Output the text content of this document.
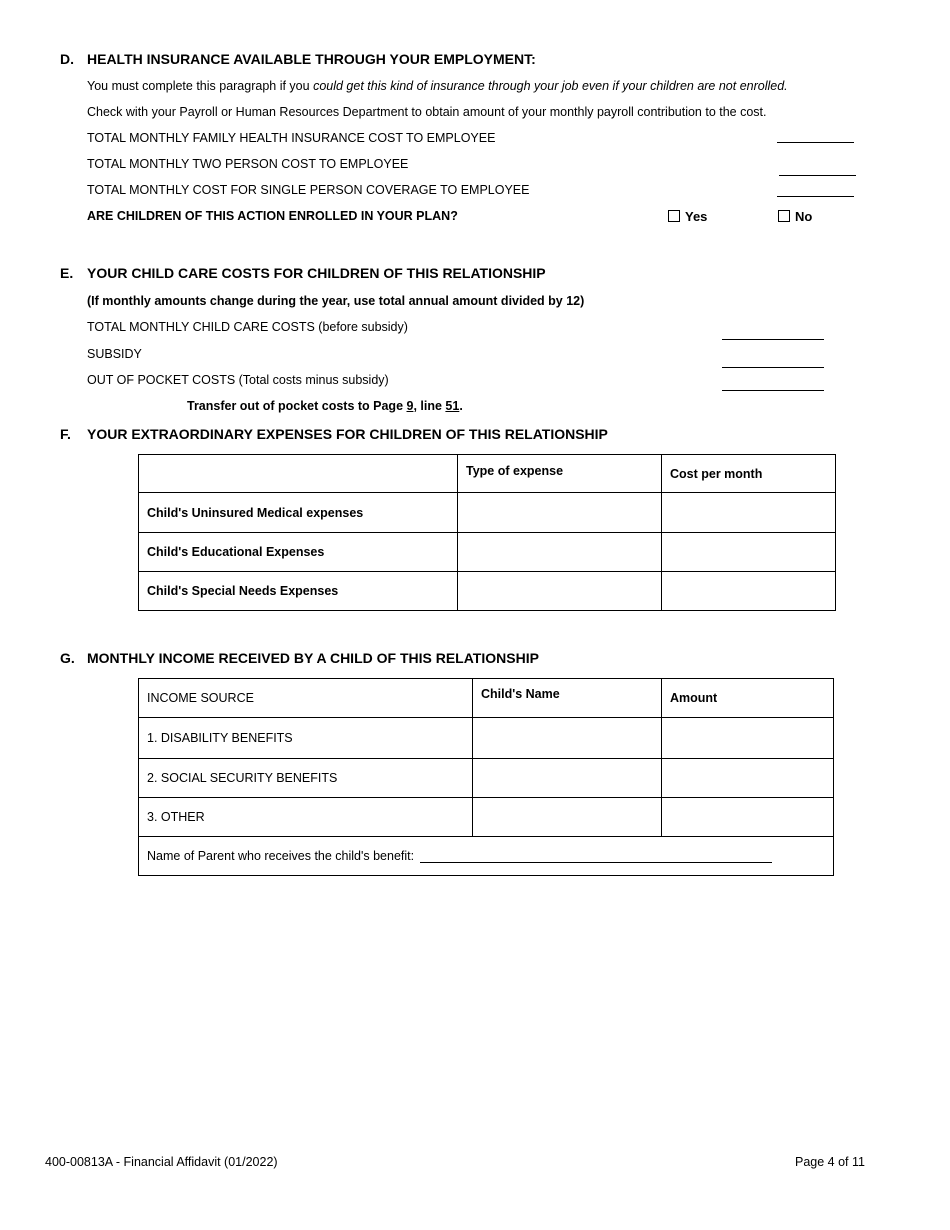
D. HEALTH INSURANCE AVAILABLE THROUGH YOUR EMPLOYMENT:
You must complete this paragraph if you could get this kind of insurance through your job even if your children are not enrolled.
Check with your Payroll or Human Resources Department to obtain amount of your monthly payroll contribution to the cost.
TOTAL MONTHLY FAMILY HEALTH INSURANCE COST TO EMPLOYEE
TOTAL MONTHLY TWO PERSON COST TO EMPLOYEE
TOTAL MONTHLY COST FOR SINGLE PERSON COVERAGE TO EMPLOYEE
ARE CHILDREN OF THIS ACTION ENROLLED IN YOUR PLAN?	Yes	No
E. YOUR CHILD CARE COSTS FOR CHILDREN OF THIS RELATIONSHIP
(If monthly amounts change during the year, use total annual amount divided by 12)
TOTAL MONTHLY CHILD CARE COSTS (before subsidy)
SUBSIDY
OUT OF POCKET COSTS (Total costs minus subsidy)
Transfer out of pocket costs to Page 9, line 51.
F. YOUR EXTRAORDINARY EXPENSES FOR CHILDREN OF THIS RELATIONSHIP
	Type of expense	Cost per month
Child's Uninsured Medical expenses		
Child's Educational Expenses		
Child's Special Needs Expenses		
G. MONTHLY INCOME RECEIVED BY A CHILD OF THIS RELATIONSHIP
INCOME SOURCE	Child's Name	Amount
1. DISABILITY BENEFITS		
2. SOCIAL SECURITY BENEFITS		
3. OTHER		
Name of Parent who receives the child's benefit:		
400-00813A - Financial Affidavit (01/2022)	Page 4 of 11
